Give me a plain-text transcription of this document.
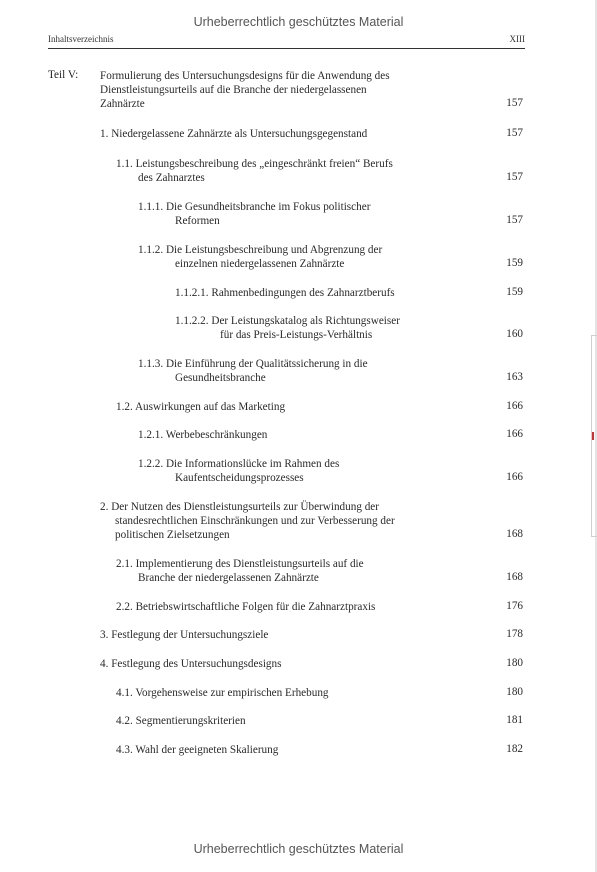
Urheberrechtlich geschütztes Material
Inhaltsverzeichnis	XIII
Teil V: Formulierung des Untersuchungsdesigns für die Anwendung des
Dienstleistungsurteils auf die Branche der niedergelassenen
Zahnärzte	157
1. Niedergelassene Zahnärzte als Untersuchungsgegenstand	157
1.1. Leistungsbeschreibung des „eingeschränkt freien“ Berufs
des Zahnarztes	157
1.1.1. Die Gesundheitsbranche im Fokus politischer
Reformen	157
1.1.2. Die Leistungsbeschreibung und Abgrenzung der
einzelnen niedergelassenen Zahnärzte	159
1.1.2.1. Rahmenbedingungen des Zahnarztberufs	159
1.1.2.2. Der Leistungskatalog als Richtungsweiser
für das Preis-Leistungs-Verhältnis	160
1.1.3. Die Einführung der Qualitätssicherung in die
Gesundheitsbranche	163
1.2. Auswirkungen auf das Marketing	166
1.2.1. Werbebeschränkungen	166
1.2.2. Die Informationslücke im Rahmen des
Kaufentscheidungsprozesses	166
2. Der Nutzen des Dienstleistungsurteils zur Überwindung der
standesrechtlichen Einschränkungen und zur Verbesserung der
politischen Zielsetzungen	168
2.1. Implementierung des Dienstleistungsurteils auf die
Branche der niedergelassenen Zahnärzte	168
2.2. Betriebswirtschaftliche Folgen für die Zahnarztpraxis	176
3. Festlegung der Untersuchungsziele	178
4. Festlegung des Untersuchungsdesigns	180
4.1. Vorgehensweise zur empirischen Erhebung	180
4.2. Segmentierungskriterien	181
4.3. Wahl der geeigneten Skalierung	182
Urheberrechtlich geschütztes Material
